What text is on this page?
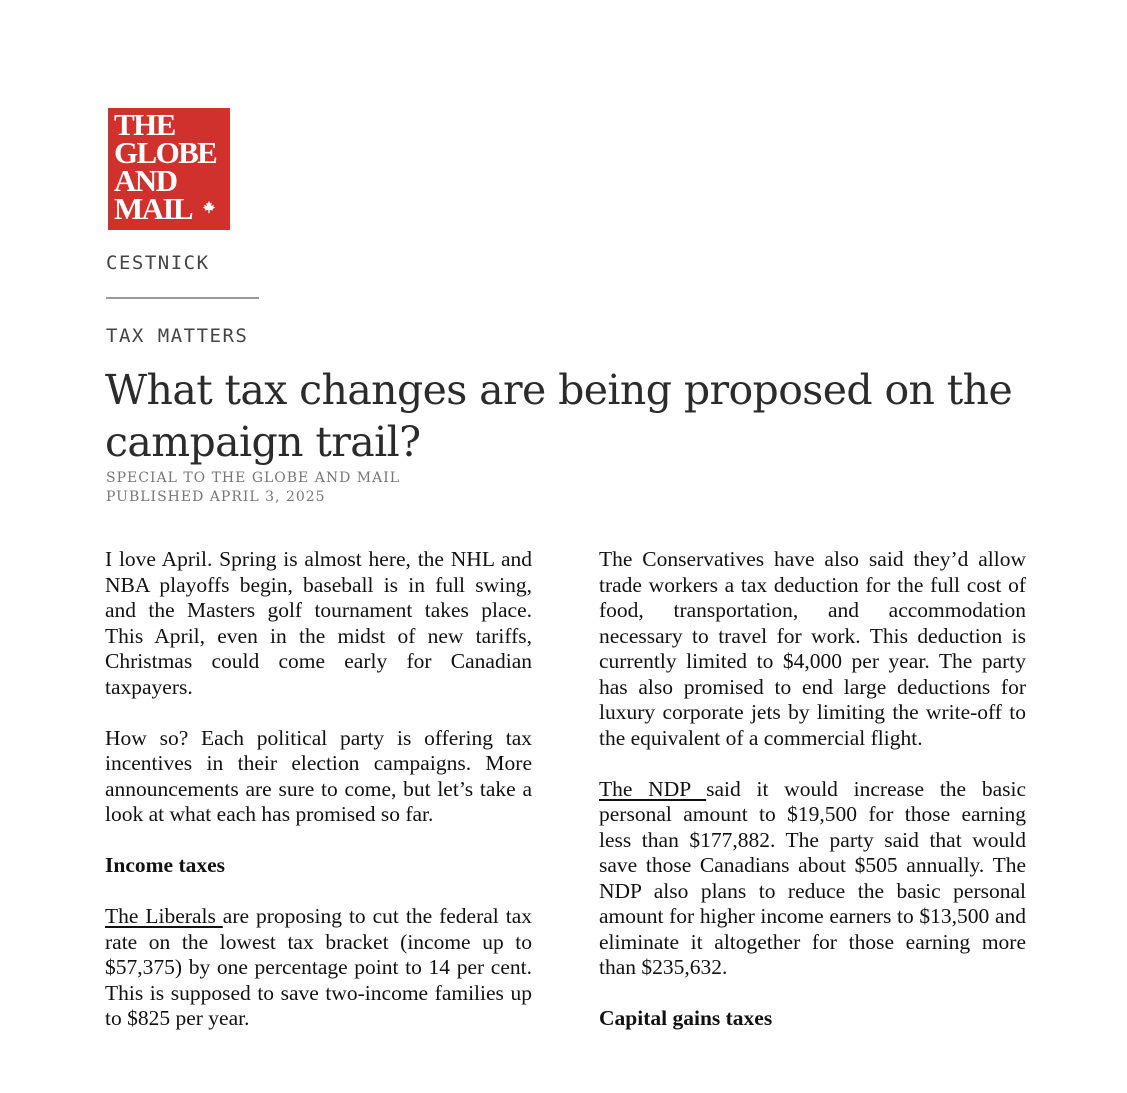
THE
GLOBE
AND
MAIL
CESTNICK
TAX MATTERS
What tax changes are being proposed on the campaign trail?
SPECIAL TO THE GLOBE AND MAIL
PUBLISHED APRIL 3, 2025

I love April. Spring is almost here, the NHL and NBA playoffs begin, baseball is in full swing, and the Masters golf tournament takes place. This April, even in the midst of new tariffs, Christmas could come early for Canadian taxpayers.

How so? Each political party is offering tax incentives in their election campaigns. More announcements are sure to come, but let’s take a look at what each has promised so far.

Income taxes

The Liberals are proposing to cut the federal tax rate on the lowest tax bracket (income up to $57,375) by one percentage point to 14 per cent. This is supposed to save two-income families up to $825 per year.

The Conservatives have also said they’d allow trade workers a tax deduction for the full cost of food, transportation, and accommodation necessary to travel for work. This deduction is currently limited to $4,000 per year. The party has also promised to end large deductions for luxury corporate jets by limiting the write-off to the equivalent of a commercial flight.

The NDP said it would increase the basic personal amount to $19,500 for those earning less than $177,882. The party said that would save those Canadians about $505 annually. The NDP also plans to reduce the basic personal amount for higher income earners to $13,500 and eliminate it altogether for those earning more than $235,632.

Capital gains taxes
